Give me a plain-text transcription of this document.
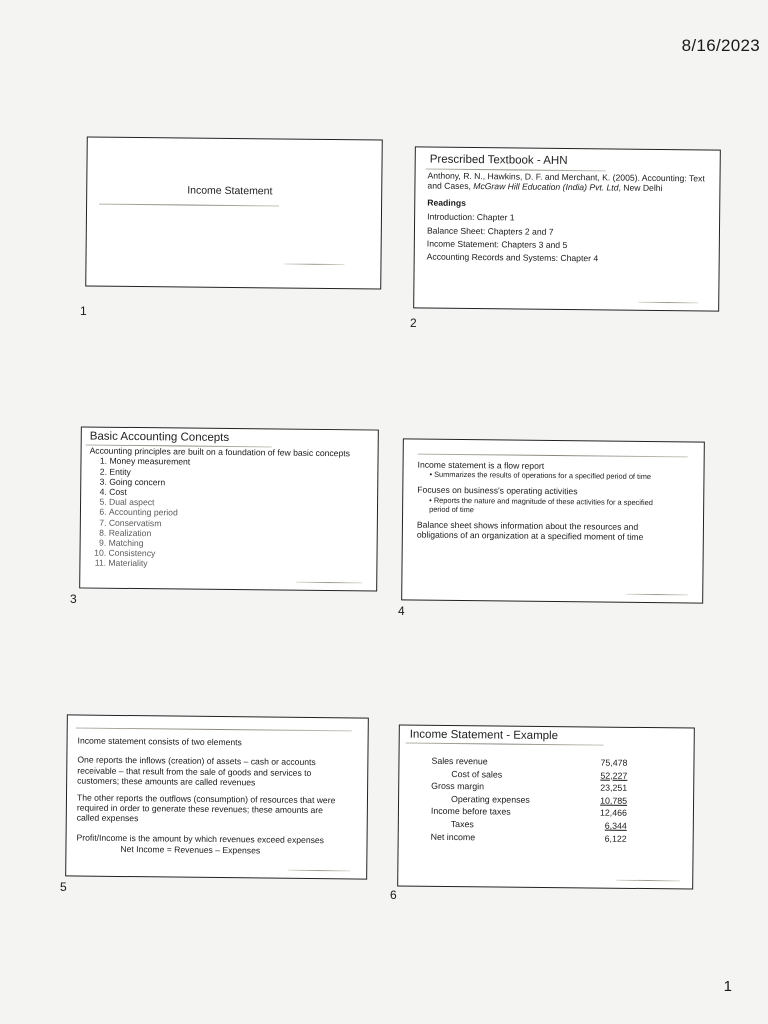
8/16/2023
1
Income Statement
1
Prescribed Textbook - AHN

Anthony, R. N., Hawkins, D. F. and Merchant, K. (2005). Accounting: Text and Cases, McGraw Hill Education (India) Pvt. Ltd, New Delhi

Readings

Introduction: Chapter 1

Balance Sheet: Chapters 2 and 7

Income Statement: Chapters 3 and 5

Accounting Records and Systems: Chapter 4

2
Basic Accounting Concepts

Accounting principles are built on a foundation of few basic concepts

1. Money measurement
2. Entity
3. Going concern
4. Cost
5. Dual aspect
6. Accounting period
7. Conservatism
8. Realization
9. Matching
10. Consistency
11. Materiality
3

Income statement is a flow report

• Summarizes the results of operations for a specified period of time

Focuses on business's operating activities

• Reports the nature and magnitude of these activities for a specified period of time

Balance sheet shows information about the resources and obligations of an organization at a specified moment of time

4

Income statement consists of two elements

One reports the inflows (creation) of assets – cash or accounts receivable – that result from the sale of goods and services to customers; these amounts are called revenues

The other reports the outflows (consumption) of resources that were required in order to generate these revenues; these amounts are called expenses

Profit/Income is the amount by which revenues exceed expenses

Net Income = Revenues – Expenses

5
Income Statement - Example
Sales revenue	75,478
Cost of sales	52,227
Gross margin	23,251
Operating expenses	10,785
Income before taxes	12,466
Taxes	6,344
Net income	6,122
6
